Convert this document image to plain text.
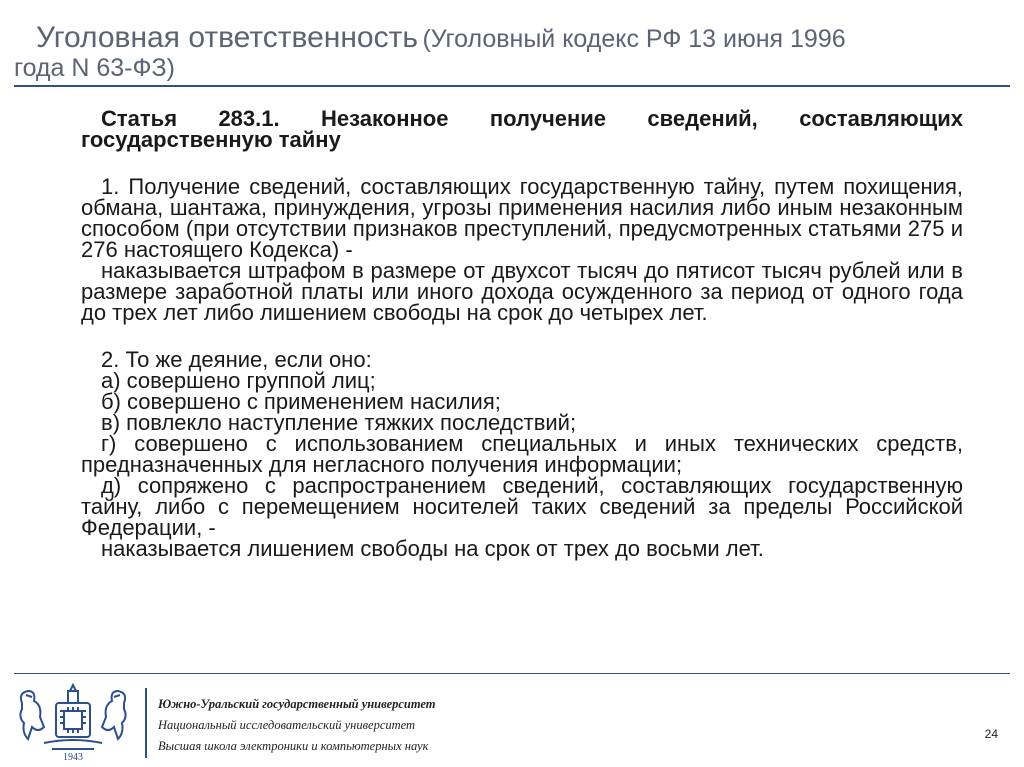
Уголовная ответственность (Уголовный кодекс РФ 13 июня 1996
года N 63-ФЗ)

Статья 283.1. Незаконное получение сведений, составляющих государственную тайну

1. Получение сведений, составляющих государственную тайну, путем похищения, обмана, шантажа, принуждения, угрозы применения насилия либо иным незаконным способом (при отсутствии признаков преступлений, предусмотренных статьями 275 и 276 настоящего Кодекса) -

наказывается штрафом в размере от двухсот тысяч до пятисот тысяч рублей или в размере заработной платы или иного дохода осужденного за период от одного года до трех лет либо лишением свободы на срок до четырех лет.

2. То же деяние, если оно:

а) совершено группой лиц;

б) совершено с применением насилия;

в) повлекло наступление тяжких последствий;

г) совершено с использованием специальных и иных технических средств, предназначенных для негласного получения информации;

д) сопряжено с распространением сведений, составляющих государственную тайну, либо с перемещением носителей таких сведений за пределы Российской Федерации, -

наказывается лишением свободы на срок от трех до восьми лет.

1943
Южно-Уральский государственный университет
Национальный исследовательский университет
Высшая школа электроники и компьютерных наук
24
